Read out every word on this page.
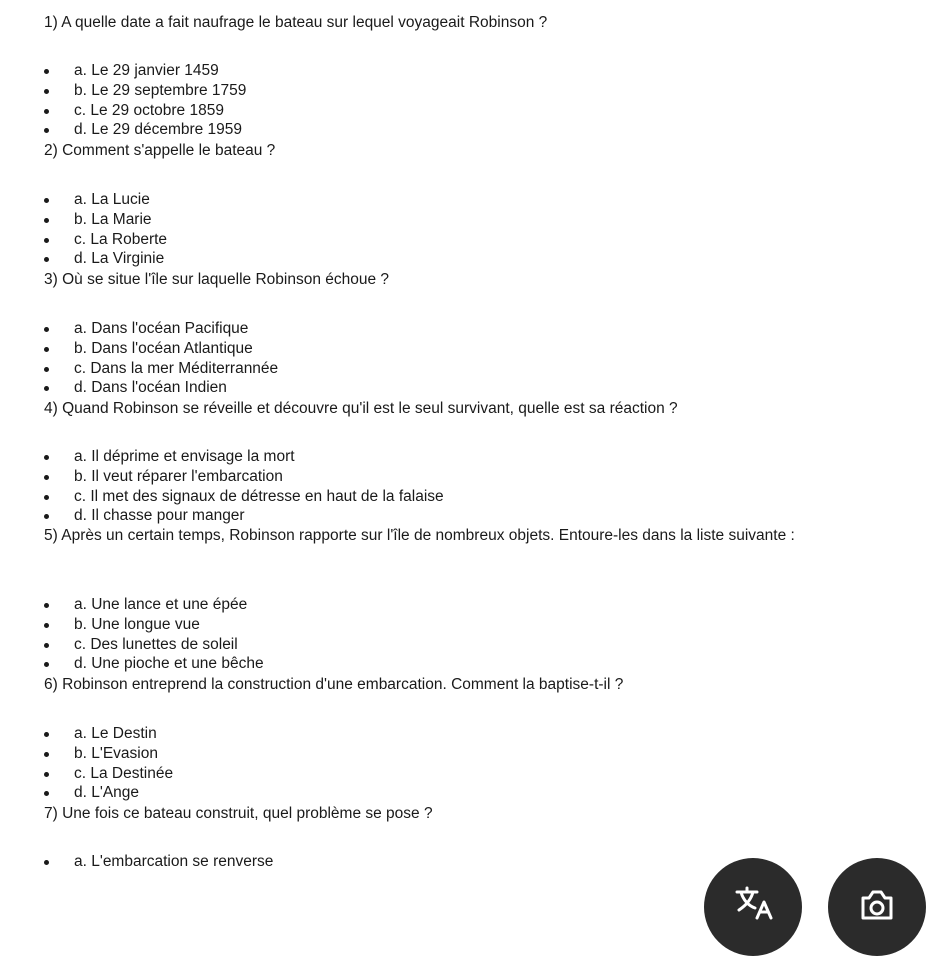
1) A quelle date a fait naufrage le bateau sur lequel voyageait Robinson ?
a. Le 29 janvier 1459
b. Le 29 septembre 1759
c. Le 29 octobre 1859
d. Le 29 décembre 1959
2) Comment s'appelle le bateau ?
a. La Lucie
b. La Marie
c. La Roberte
d. La Virginie
3) Où se situe l'île sur laquelle Robinson échoue ?
a. Dans l'océan Pacifique
b. Dans l'océan Atlantique
c. Dans la mer Méditerrannée
d. Dans l'océan Indien
4) Quand Robinson se réveille et découvre qu'il est le seul survivant, quelle est sa réaction ?
a. Il déprime et envisage la mort
b. Il veut réparer l'embarcation
c. Il met des signaux de détresse en haut de la falaise
d. Il chasse pour manger
5) Après un certain temps, Robinson rapporte sur l'île de nombreux objets. Entoure-les dans la liste suivante :
a. Une lance et une épée
b. Une longue vue
c. Des lunettes de soleil
d. Une pioche et une bêche
6) Robinson entreprend la construction d'une embarcation. Comment la baptise-t-il ?
a. Le Destin
b. L'Evasion
c. La Destinée
d. L'Ange
7) Une fois ce bateau construit, quel problème se pose ?
a. L'embarcation se renverse
